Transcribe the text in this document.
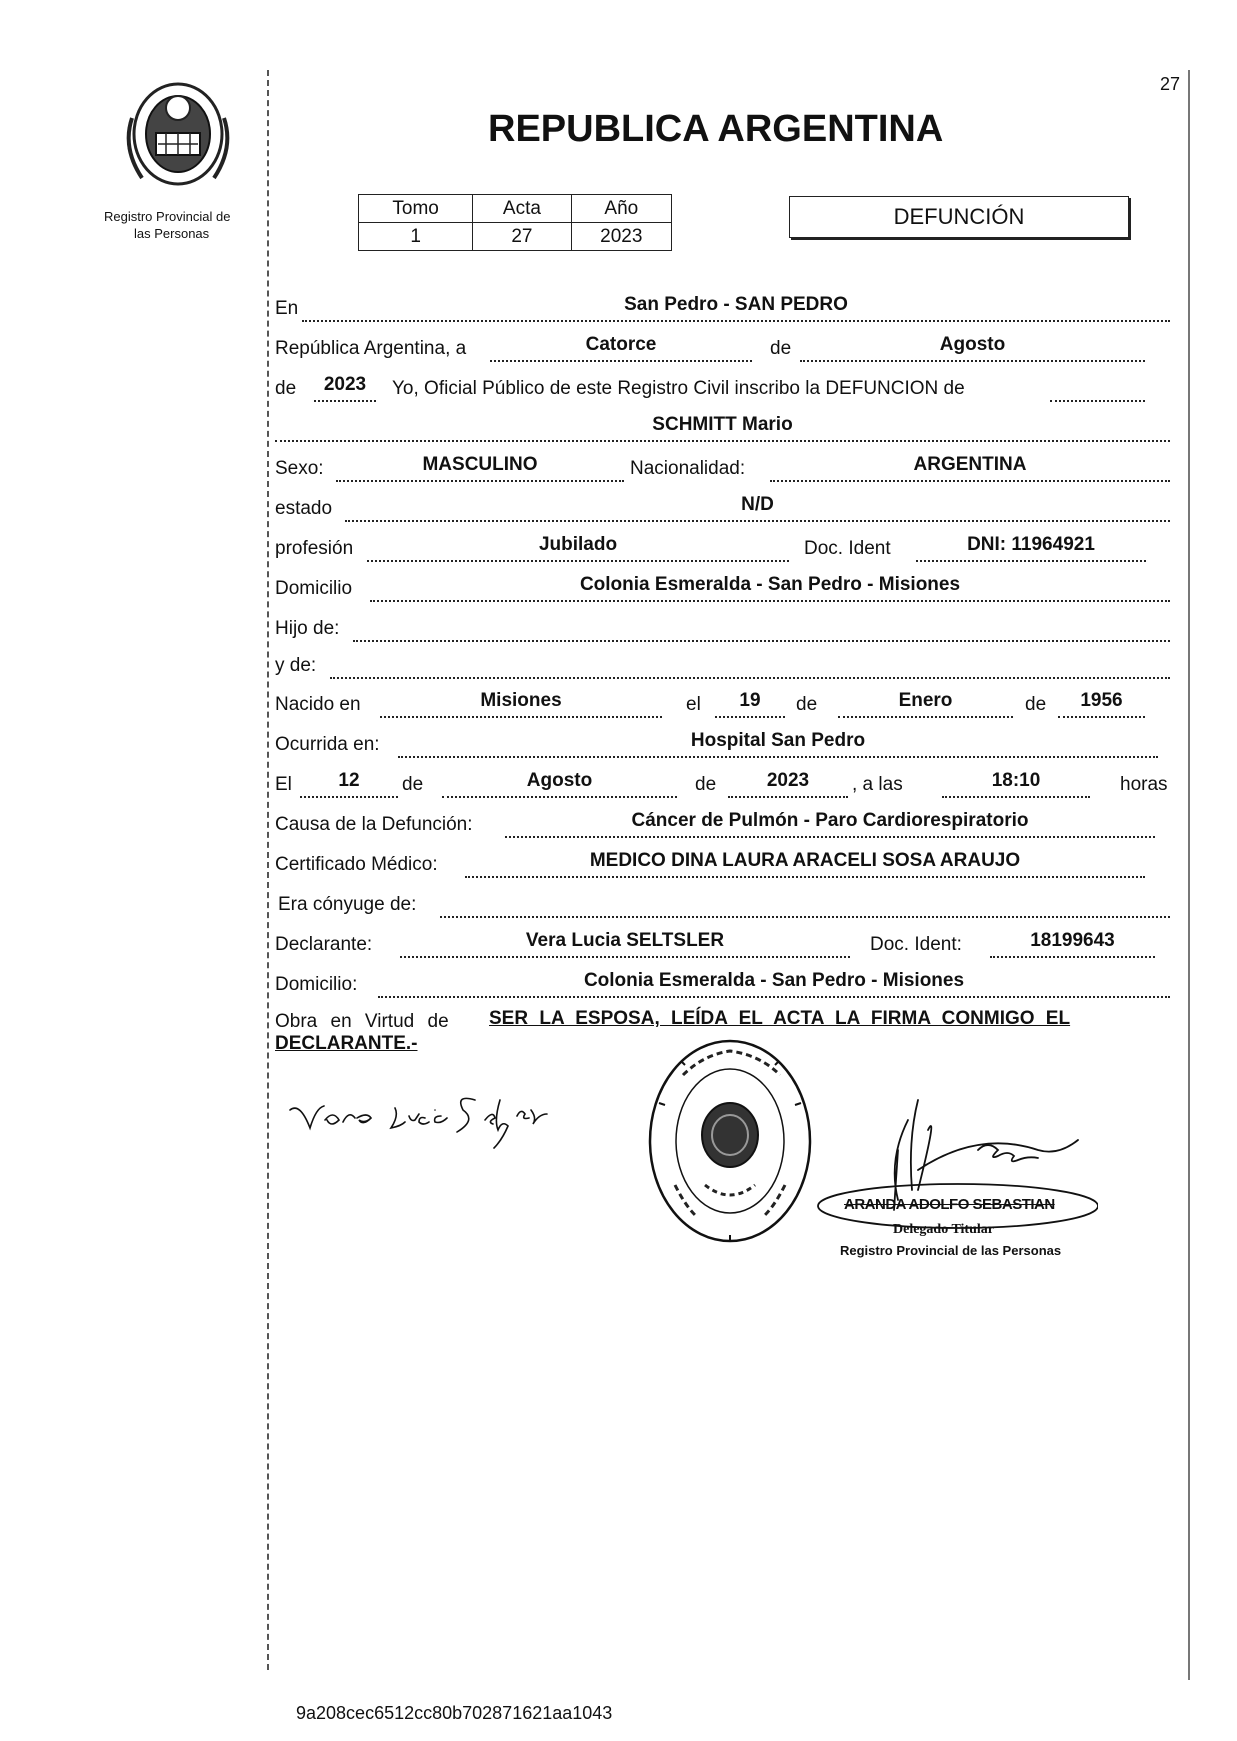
27
Registro Provincial de
las Personas
REPUBLICA ARGENTINA
Tomo	Acta	Año
1	27	2023
DEFUNCIÓN
En	San Pedro - SAN PEDRO
República Argentina, a	Catorce	de	Agosto
de	2023	Yo, Oficial Público de este Registro Civil inscribo la DEFUNCION de
SCHMITT Mario
Sexo:	MASCULINO	Nacionalidad:	ARGENTINA
estado	N/D
profesión	Jubilado	Doc. Ident	DNI: 11964921
Domicilio	Colonia Esmeralda - San Pedro - Misiones
Hijo de:
y de:
Nacido en	Misiones	el	19	de	Enero	de	1956
Ocurrida en:	Hospital San Pedro
El	12	de	Agosto	de	2023	, a las	18:10	horas
Causa de la Defunción:	Cáncer de Pulmón - Paro Cardiorespiratorio
Certificado Médico:	MEDICO DINA LAURA ARACELI SOSA ARAUJO
Era cónyuge de:
Declarante:	Vera Lucia SELTSLER	Doc. Ident:	18199643
Domicilio:	Colonia Esmeralda - San Pedro - Misiones
Obra en Virtud de SER LA ESPOSA, LEÍDA EL ACTA LA FIRMA CONMIGO EL
DECLARANTE.-
ARANDA ADOLFO SEBASTIAN
Delegado Titular
Registro Provincial de las Personas
9a208cec6512cc80b702871621aa1043
